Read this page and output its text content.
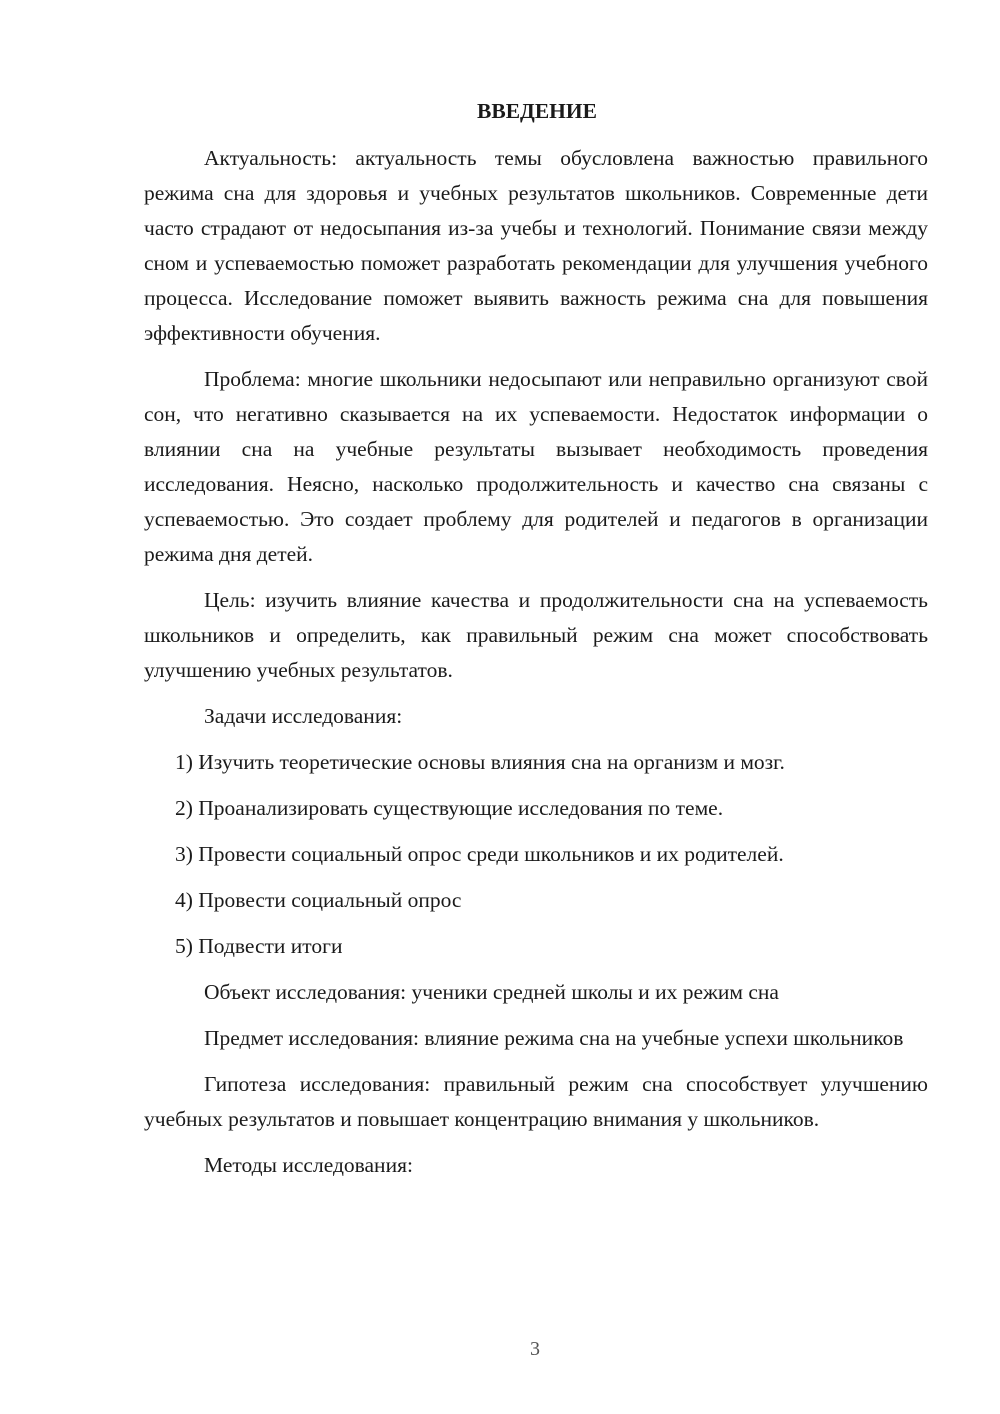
ВВЕДЕНИЕ

Актуальность: актуальность темы обусловлена важностью правильного режима сна для здоровья и учебных результатов школьников. Современные дети часто страдают от недосыпания из-за учебы и технологий. Понимание связи между сном и успеваемостью поможет разработать рекомендации для улучшения учебного процесса. Исследование поможет выявить важность режима сна для повышения эффективности обучения.

Проблема: многие школьники недосыпают или неправильно организуют свой сон, что негативно сказывается на их успеваемости. Недостаток информации о влиянии сна на учебные результаты вызывает необходимость проведения исследования. Неясно, насколько продолжительность и качество сна связаны с успеваемостью. Это создает проблему для родителей и педагогов в организации режима дня детей.

Цель: изучить влияние качества и продолжительности сна на успеваемость школьников и определить, как правильный режим сна может способствовать улучшению учебных результатов.

Задачи исследования:

1) Изучить теоретические основы влияния сна на организм и мозг.
2) Проанализировать существующие исследования по теме.
3) Провести социальный опрос среди школьников и их родителей.
4) Провести социальный опрос
5) Подвести итоги

Объект исследования: ученики средней школы и их режим сна

Предмет исследования: влияние режима сна на учебные успехи школьников

Гипотеза исследования: правильный режим сна способствует улучшению учебных результатов и повышает концентрацию внимания у школьников.

Методы исследования:

3
